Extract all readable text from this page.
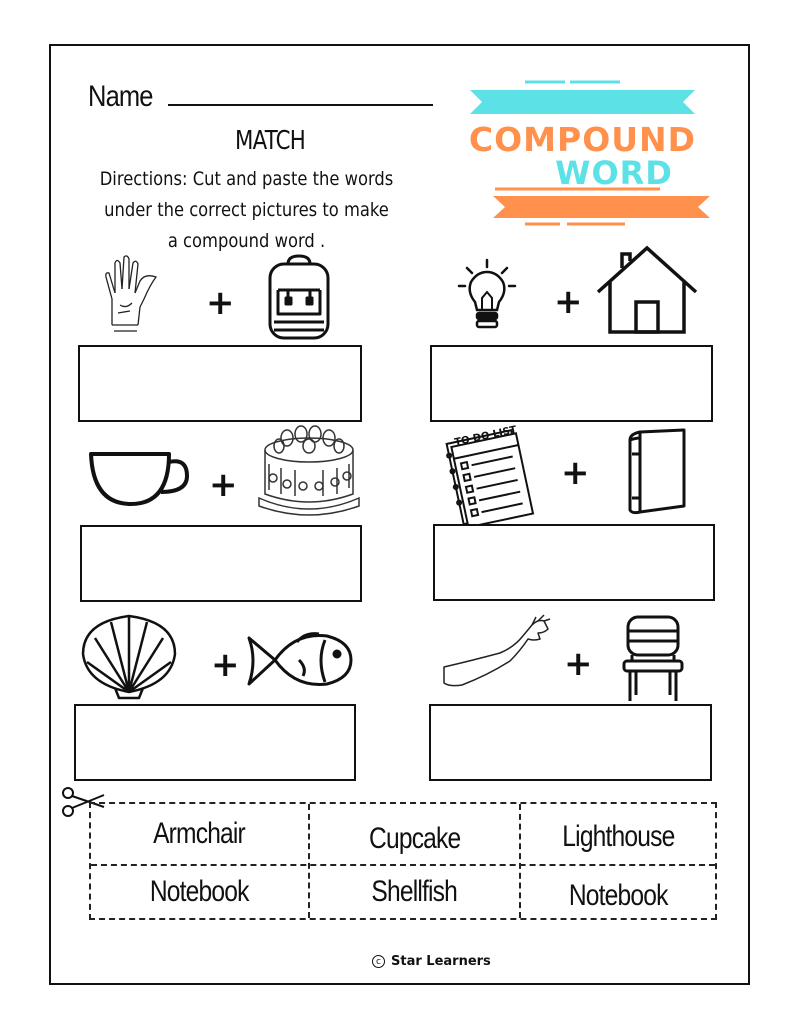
Name
MATCH
Directions: Cut and paste the words under the correct pictures to make a compound word .
COMPOUND
WORD
+	+
+
TO DO LIST
+
+	+
Armchair	Cupcake	Lighthouse
Notebook	Shellfish	Notebook
c Star Learners
